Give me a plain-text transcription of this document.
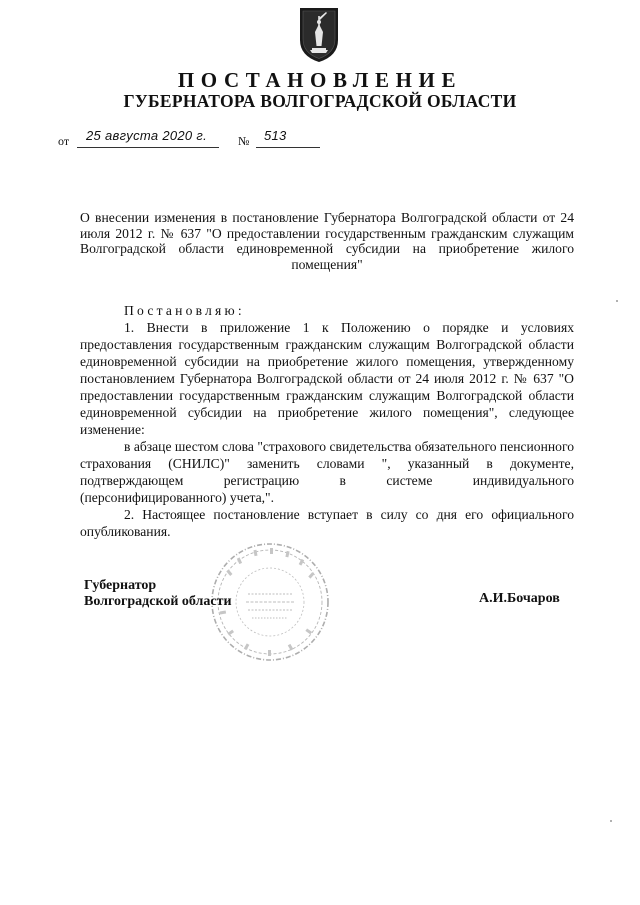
ПОСТАНОВЛЕНИЕ
ГУБЕРНАТОРА ВОЛГОГРАДСКОЙ ОБЛАСТИ
от 25 августа 2020 г.	№ 513
О внесении изменения в постановление Губернатора Волгоградской области от 24 июля 2012 г. № 637 "О предоставлении государственным гражданским служащим Волгоградской области единовременной субсидии на приобретение жилого помещения"

Постановляю:

1. Внести в приложение 1 к Положению о порядке и условиях предоставления государственным гражданским служащим Волгоградской области единовременной субсидии на приобретение жилого помещения, утвержденному постановлением Губернатора Волгоградской области от 24 июля 2012 г. № 637 "О предоставлении государственным гражданским служащим Волгоградской области единовременной субсидии на приобретение жилого помещения", следующее изменение:

в абзаце шестом слова "страхового свидетельства обязательного пенсионного страхования (СНИЛС)" заменить словами ", указанный в документе, подтверждающем регистрацию в системе индивидуального (персонифицированного) учета,".

2. Настоящее постановление вступает в силу со дня его официального опубликования.

Губернатор
Волгоградской области	А.И.Бочаров
